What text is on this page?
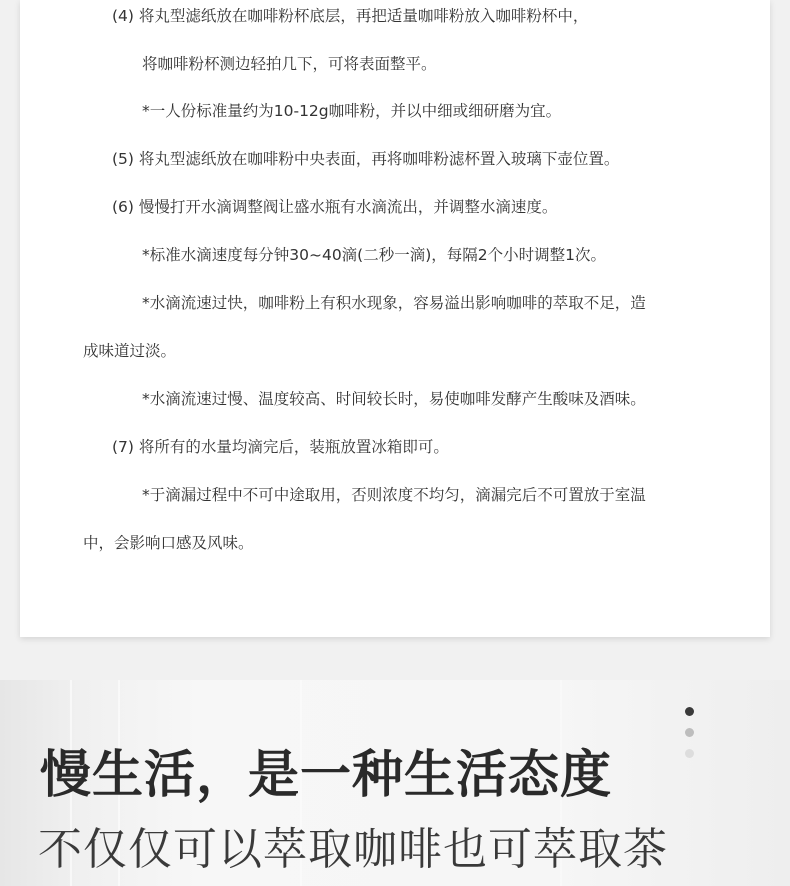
(4) 将丸型滤纸放在咖啡粉杯底层，再把适量咖啡粉放入咖啡粉杯中，
将咖啡粉杯测边轻拍几下，可将表面整平。
*一人份标准量约为10-12g咖啡粉，并以中细或细研磨为宜。
(5) 将丸型滤纸放在咖啡粉中央表面，再将咖啡粉滤杯置入玻璃下壶位置。
(6) 慢慢打开水滴调整阀让盛水瓶有水滴流出，并调整水滴速度。
*标准水滴速度每分钟30~40滴(二秒一滴)，每隔2个小时调整1次。
*水滴流速过快，咖啡粉上有积水现象，容易溢出影响咖啡的萃取不足，造
成味道过淡。
*水滴流速过慢、温度较高、时间较长时，易使咖啡发酵产生酸味及酒味。
(7) 将所有的水量均滴完后，装瓶放置冰箱即可。
*于滴漏过程中不可中途取用，否则浓度不均匀，滴漏完后不可置放于室温
中，会影响口感及风味。
慢生活，是一种生活态度
不仅仅可以萃取咖啡也可萃取茶
